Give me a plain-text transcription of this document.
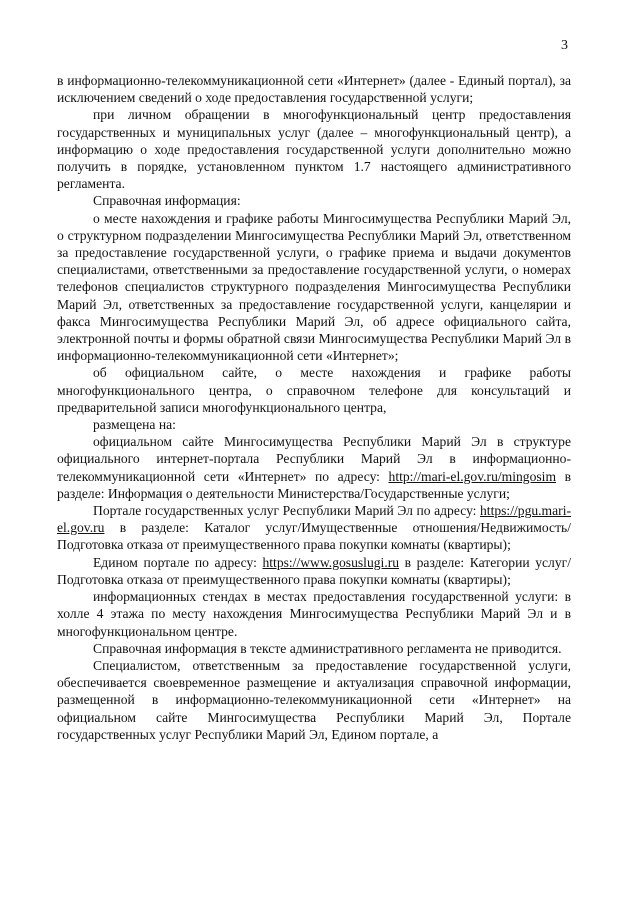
3

в информационно-телекоммуникационной сети «Интернет» (далее - Единый портал), за исключением сведений о ходе предоставления государственной услуги;

при личном обращении в многофункциональный центр предоставления государственных и муниципальных услуг (далее – многофункциональный центр), а информацию о ходе предоставления государственной услуги дополнительно можно получить в порядке, установленном пунктом 1.7 настоящего административного регламента.

Справочная информация:

о месте нахождения и графике работы Мингосимущества Республики Марий Эл, о структурном подразделении Мингосимущества Республики Марий Эл, ответственном за предоставление государственной услуги, о графике приема и выдачи документов специалистами, ответственными за предоставление государственной услуги, о номерах телефонов специалистов структурного подразделения Мингосимущества Республики Марий Эл, ответственных за предоставление государственной услуги, канцелярии и факса Мингосимущества Республики Марий Эл, об адресе официального сайта, электронной почты и формы обратной связи Мингосимущества Республики Марий Эл в информационно-телекоммуникационной сети «Интернет»;

об официальном сайте, о месте нахождения и графике работы многофункционального центра, о справочном телефоне для консультаций и предварительной записи многофункционального центра,

размещена на:

официальном сайте Мингосимущества Республики Марий Эл в структуре официального интернет-портала Республики Марий Эл в информационно-телекоммуникационной сети «Интернет» по адресу: http://mari-el.gov.ru/mingosim в разделе: Информация о деятельности Министерства/Государственные услуги;

Портале государственных услуг Республики Марий Эл по адресу: https://pgu.mari-el.gov.ru в разделе: Каталог услуг/Имущественные отношения/Недвижимость/ Подготовка отказа от преимущественного права покупки комнаты (квартиры);

Едином портале по адресу: https://www.gosuslugi.ru в разделе: Категории услуг/ Подготовка отказа от преимущественного права покупки комнаты (квартиры);

информационных стендах в местах предоставления государственной услуги: в холле 4 этажа по месту нахождения Мингосимущества Республики Марий Эл и в многофункциональном центре.

Справочная информация в тексте административного регламента не приводится.

Специалистом, ответственным за предоставление государственной услуги, обеспечивается своевременное размещение и актуализация справочной информации, размещенной в информационно-телекоммуникационной сети «Интернет» на официальном сайте Мингосимущества Республики Марий Эл, Портале государственных услуг Республики Марий Эл, Едином портале, а
